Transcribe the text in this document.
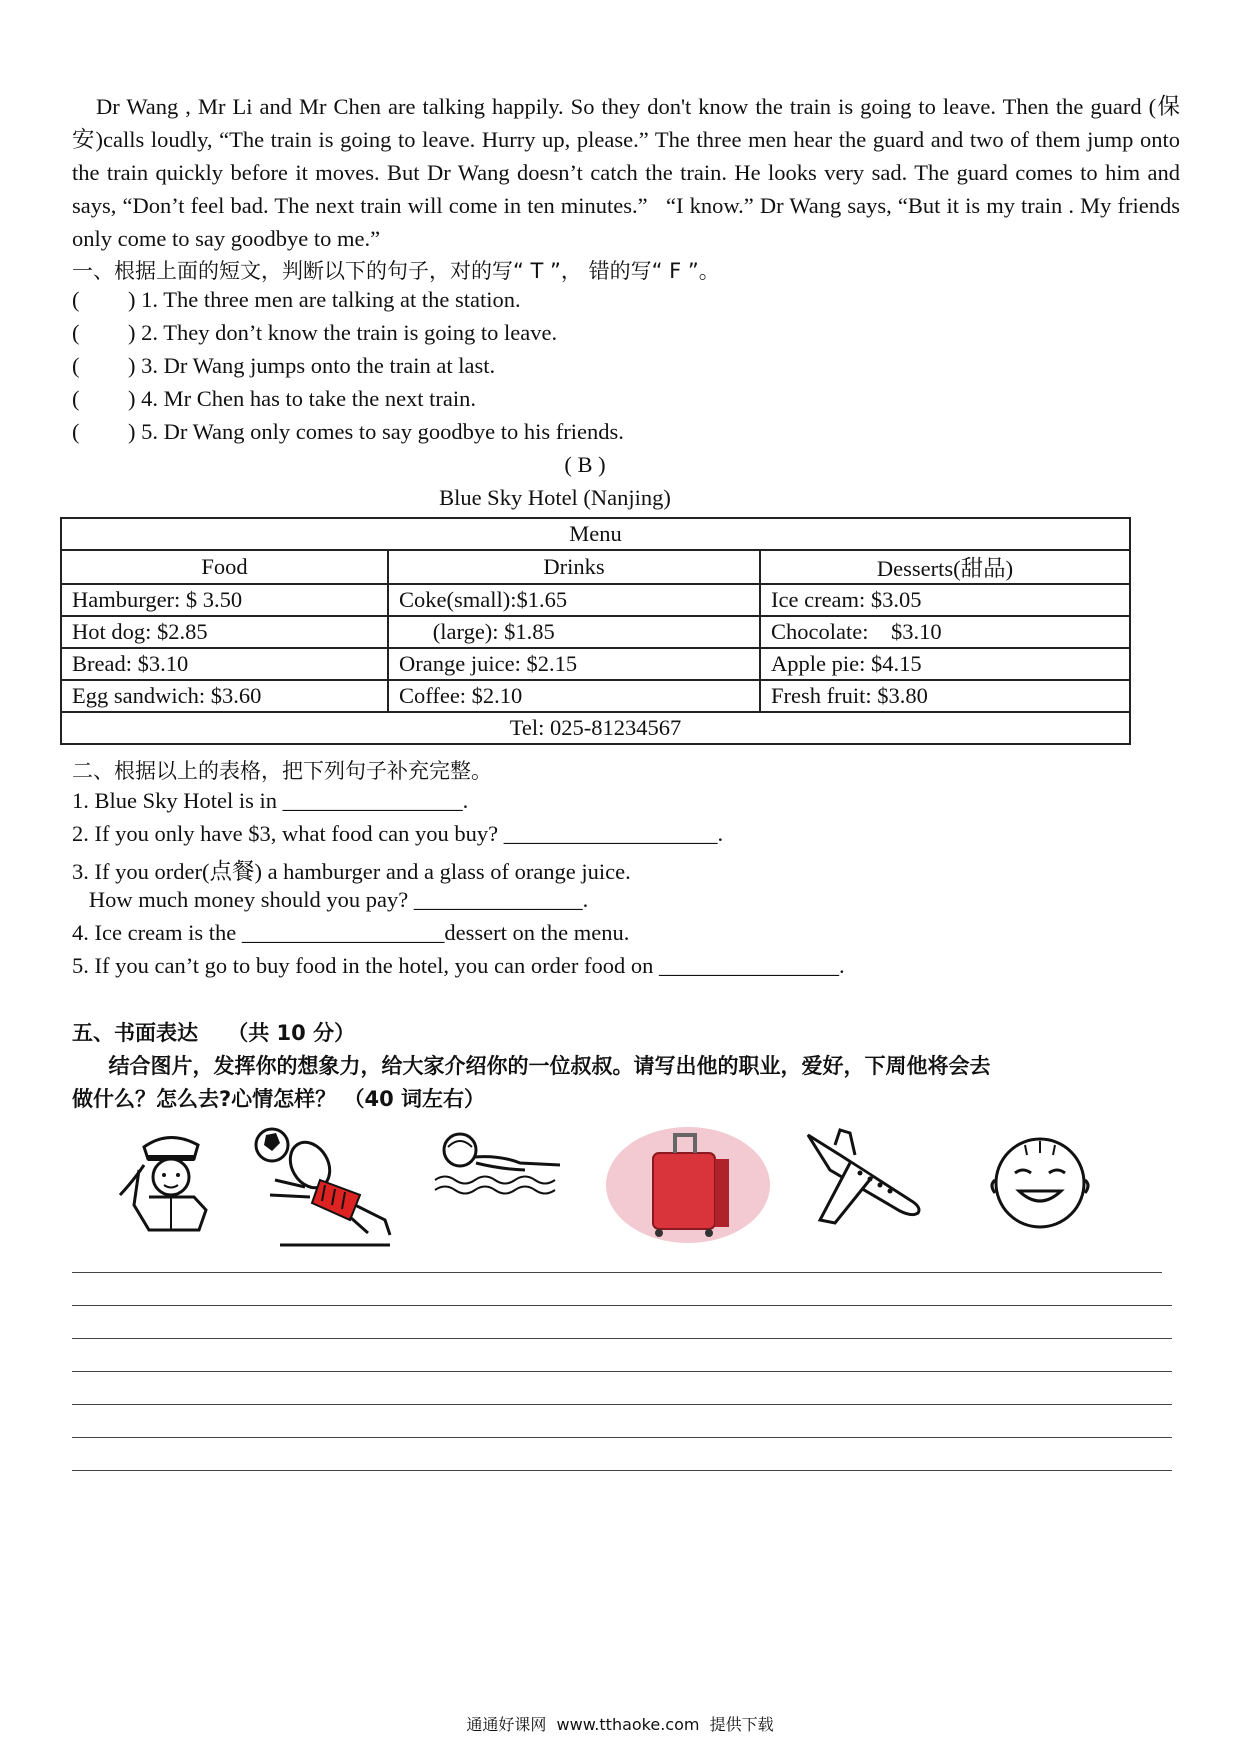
Dr Wang , Mr Li and Mr Chen are talking happily. So they don't know the train is going to leave. Then the guard (保安)calls loudly, “The train is going to leave. Hurry up, please.” The three men hear the guard and two of them jump onto the train quickly before it moves. But Dr Wang doesn’t catch the train. He looks very sad. The guard comes to him and says, “Don’t feel bad. The next train will come in ten minutes.”   “I know.” Dr Wang says, “But it is my train . My friends only come to say goodbye to me.”

一、根据上面的短文，判断以下的句子，对的写“ T ”， 错的写“ F ”。
( ) 1. The three men are talking at the station.
( ) 2. They don’t know the train is going to leave.
( ) 3. Dr Wang jumps onto the train at last.
( ) 4. Mr Chen has to take the next train.
( ) 5. Dr Wang only comes to say goodbye to his friends.
( B )
Blue Sky Hotel (Nanjing)
Menu		
Food	Drinks	Desserts(甜品)
Hamburger: $ 3.50	Coke(small):$1.65	Ice cream: $3.05
Hot dog: $2.85	(large): $1.85	Chocolate:    $3.10
Bread: $3.10	Orange juice: $2.15	Apple pie: $4.15
Egg sandwich: $3.60	Coffee: $2.10	Fresh fruit: $3.80
Tel: 025-81234567		
二、根据以上的表格，把下列句子补充完整。
1. Blue Sky Hotel is in ________________.
2. If you only have $3, what food can you buy? ___________________.
3. If you order(点餐) a hamburger and a glass of orange juice.
How much money should you pay? _______________.
4. Ice cream is the __________________dessert on the menu.
5. If you can’t go to buy food in the hotel, you can order food on ________________.
五、书面表达    （共 10 分）
结合图片，发挥你的想象力，给大家介绍你的一位叔叔。请写出他的职业，爱好，下周他将会去
做什么？怎么去?心情怎样？ （40 词左右）
通通好课网  www.tthaoke.com  提供下载
